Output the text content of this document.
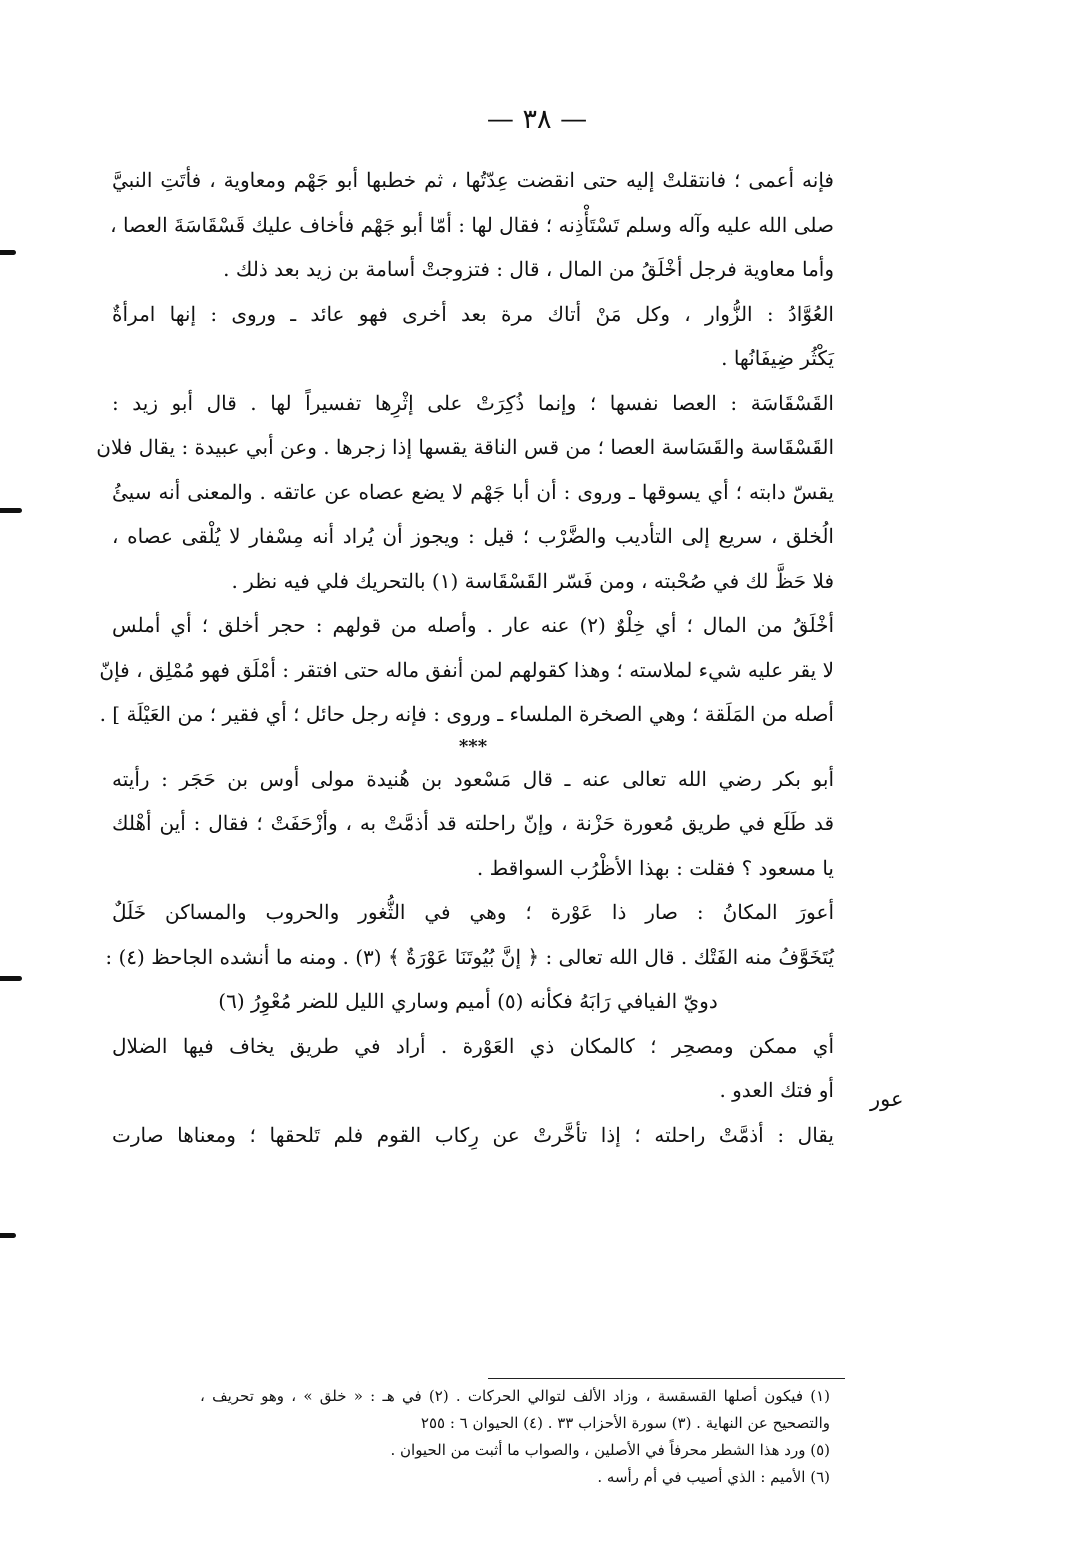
— ٣٨ —
فإنه أعمى ؛ فانتقلتْ إليه حتى انقضت عِدّتُها ، ثم خطبها أبو جَهْم ومعاوية ، فأتَتِ النبيَّ
صلى الله عليه وآله وسلم تَسْتَأْذِنه ؛ فقال لها : أمّا أبو جَهْم فأخاف عليك قَسْقَاسَةَ العصا ،
وأما معاوية فرجل أخْلَقُ من المال ، قال : فتزوجتْ أسامة بن زيد بعد ذلك .
العُوَّادُ : الزُّوار ، وكل مَنْ أتاك مرة بعد أخرى فهو عائد ـ وروى : إنها امرأةٌ
يَكْثُر ضِيفَانُها .
القَسْقَاسَة : العصا نفسها ؛ وإنما ذُكِرَتْ على إثْرِها تفسيراً لها . قال أبو زيد :
القَسْقَاسة والقَسَاسة العصا ؛ من قس الناقة يقسها إذا زجرها . وعن أبي عبيدة : يقال فلان
يقسّ دابته ؛ أي يسوقها ـ وروى : أن أبا جَهْم لا يضع عصاه عن عاتقه . والمعنى أنه سيئُ
الُخلق ، سريع إلى التأديب والضَّرْب ؛ قيل : ويجوز أن يُراد أنه مِسْفار لا يُلْقى عصاه ،
فلا حَظَّ لك في صُحْبته ، ومن فَسّر القَسْقَاسة (١) بالتحريك فلي فيه نظر .
أخْلَقُ من المال ؛ أي خِلْوٌ (٢) عنه عار . وأصله من قولهم : حجر أخلق ؛ أي أملس
لا يقر عليه شيء لملاسته ؛ وهذا كقولهم لمن أنفق ماله حتى افتقر : أمْلَق فهو مُمْلِق ، فإنّ
أصله من المَلَقة ؛ وهي الصخرة الملساء ـ وروى : فإنه رجل حائل ؛ أي فقير ؛ من العَيْلَة ] .
***
أبو بكر رضي الله تعالى عنه ـ قال مَسْعود بن هُنيدة مولى أوس بن حَجَر : رأيته
قد طَلَع في طريق مُعورة حَزْنة ، وإنّ راحلته قد أذمَّتْ به ، وأزْحَفَتْ ؛ فقال : أين أهْلك
يا مسعود ؟ فقلت : بهذا الأظْرُب السواقط .
أعورَ المكانُ : صار ذا عَوْرة ؛ وهي في الثُّغور والحروب والمساكن خَلَلٌ
يُتَخَوَّفُ منه الفَتْك . قال الله تعالى : ﴿ إنَّ بُيُوتَنَا عَوْرَةٌ ﴾ (٣) . ومنه ما أنشده الجاحظ (٤) :
دويّ الفيافي رَابَهُ فكأنه (٥) أميم وساري الليل للضر مُعْوِرُ (٦)
أي ممكن ومصحِر ؛ كالمكان ذي العَوْرة . أراد في طريق يخاف فيها الضلال
أو فتك العدو .
يقال : أذمَّتْ راحلته ؛ إذا تأخَّرتْ عن رِكاب القوم فلم تَلحقها ؛ ومعناها صارت
عور
(١) فيكون أصلها القسقسة ، وزاد الألف لتوالي الحركات . (٢) في هـ : « خلق » ، وهو تحريف ،
والتصحيح عن النهاية . (٣) سورة الأحزاب ٣٣ . (٤) الحيوان ٦ : ٢٥٥
(٥) ورد هذا الشطر محرفاً في الأصلين ، والصواب ما أثبت من الحيوان .
(٦) الأميم : الذي أصيب في أم رأسه .
